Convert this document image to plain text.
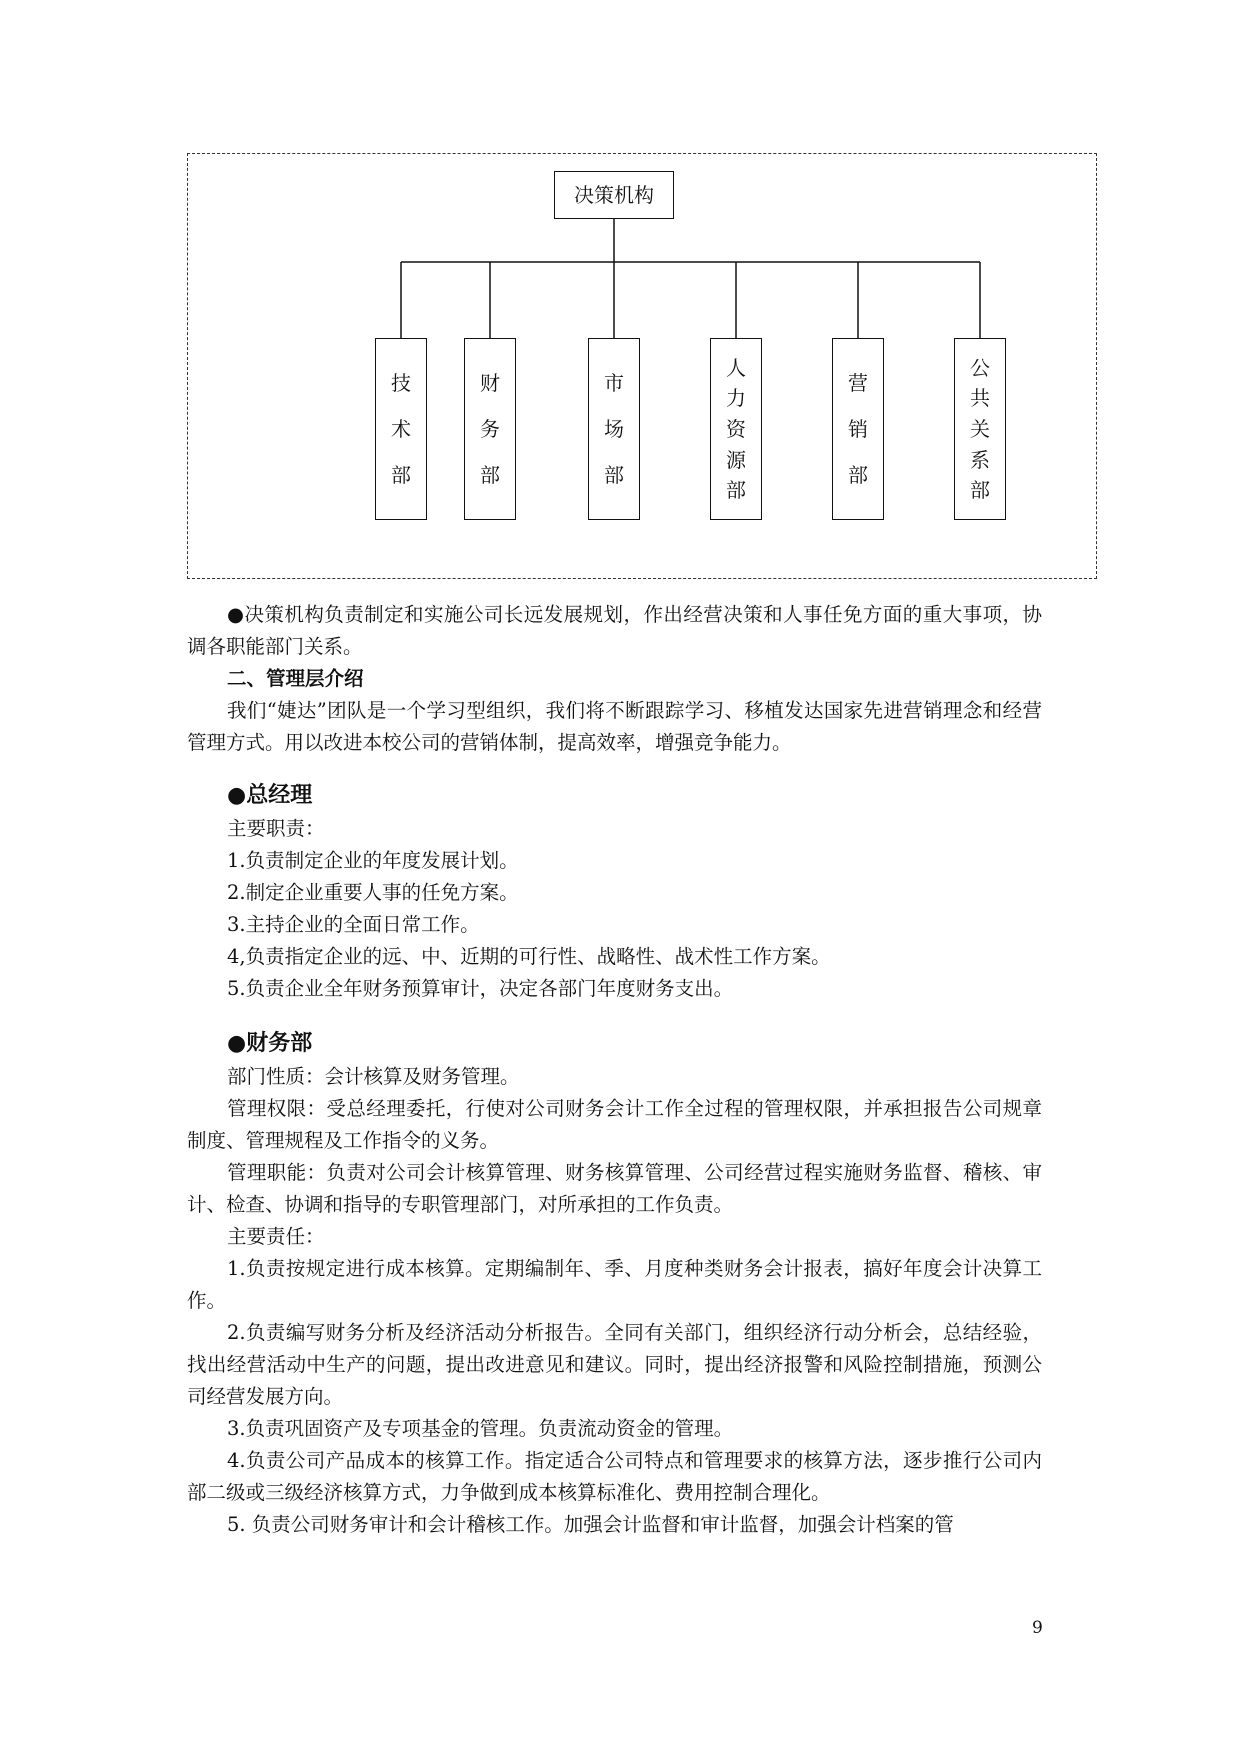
决策机构
技
术
部
财
务
部
市
场
部
人
力
资
源
部
营
销
部
公
共
关
系
部

●决策机构负责制定和实施公司长远发展规划，作出经营决策和人事任免方面的重大事项，协调各职能部门关系。

二、管理层介绍

我们“婕达”团队是一个学习型组织，我们将不断跟踪学习、移植发达国家先进营销理念和经营管理方式。用以改进本校公司的营销体制，提高效率，增强竞争能力。

●总经理

主要职责：

1.负责制定企业的年度发展计划。

2.制定企业重要人事的任免方案。

3.主持企业的全面日常工作。

4,负责指定企业的远、中、近期的可行性、战略性、战术性工作方案。

5.负责企业全年财务预算审计，决定各部门年度财务支出。

●财务部

部门性质：会计核算及财务管理。

管理权限：受总经理委托，行使对公司财务会计工作全过程的管理权限，并承担报告公司规章制度、管理规程及工作指令的义务。

管理职能：负责对公司会计核算管理、财务核算管理、公司经营过程实施财务监督、稽核、审计、检查、协调和指导的专职管理部门，对所承担的工作负责。

主要责任：

1.负责按规定进行成本核算。定期编制年、季、月度种类财务会计报表，搞好年度会计决算工作。

2.负责编写财务分析及经济活动分析报告。全同有关部门，组织经济行动分析会，总结经验，找出经营活动中生产的问题，提出改进意见和建议。同时，提出经济报警和风险控制措施，预测公司经营发展方向。

3.负责巩固资产及专项基金的管理。负责流动资金的管理。

4.负责公司产品成本的核算工作。指定适合公司特点和管理要求的核算方法，逐步推行公司内部二级或三级经济核算方式，力争做到成本核算标准化、费用控制合理化。

5. 负责公司财务审计和会计稽核工作。加强会计监督和审计监督，加强会计档案的管

9
